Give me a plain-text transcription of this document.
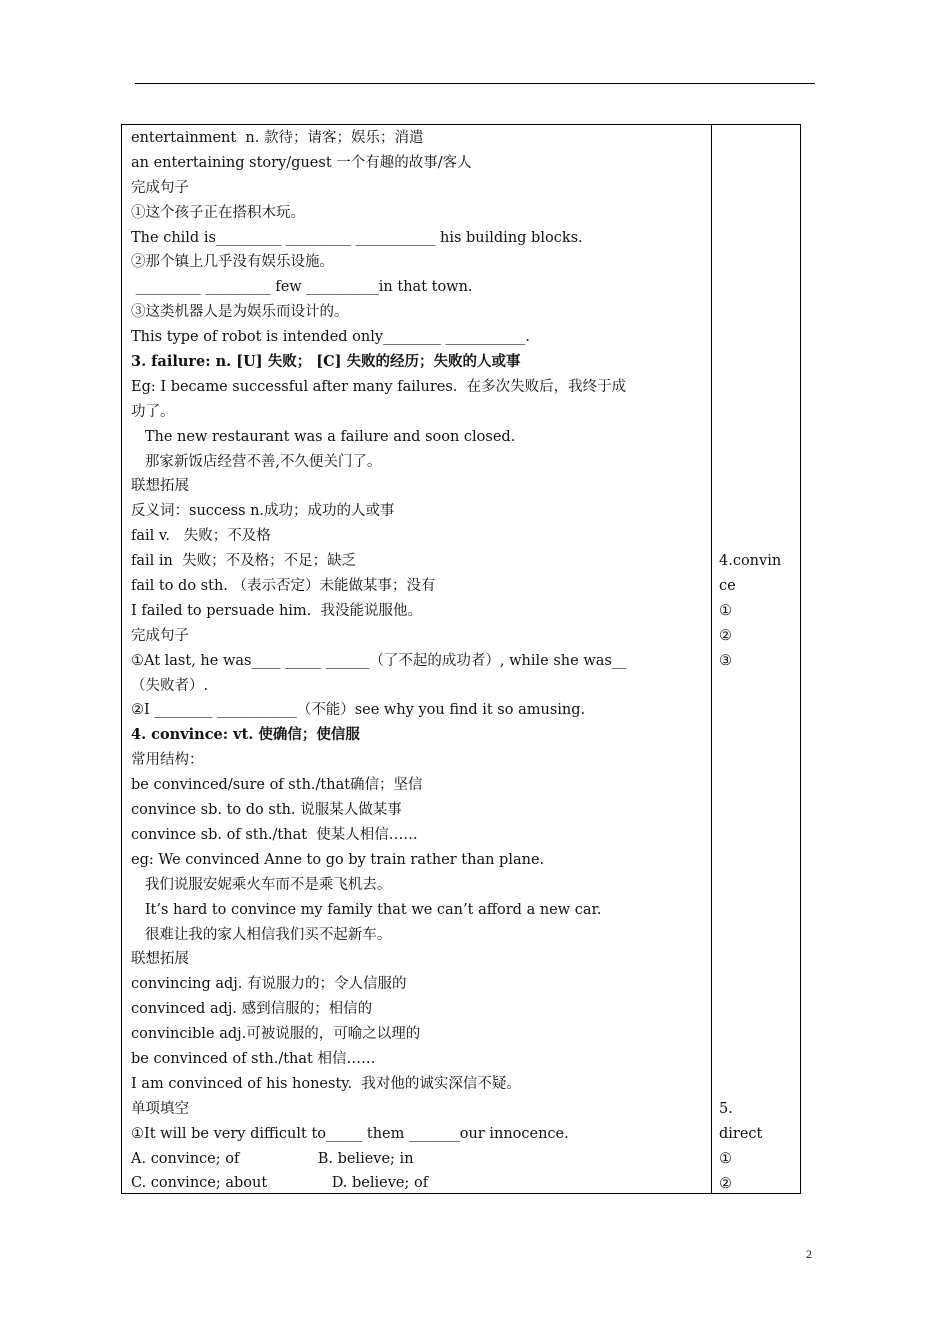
entertainment  n. 款待；请客；娱乐；消遣
an entertaining story/guest 一个有趣的故事/客人
完成句子
①这个孩子正在搭积木玩。
The child is_________ _________ ___________ his building blocks.
②那个镇上几乎没有娱乐设施。
_________ _________ few __________in that town.
③这类机器人是为娱乐而设计的。
This type of robot is intended only________ ___________.
3. failure: n. [U] 失败； [C] 失败的经历；失败的人或事
Eg: I became successful after many failures.  在多次失败后，我终于成
功了。
The new restaurant was a failure and soon closed.
那家新饭店经营不善,不久便关门了。
联想拓展
反义词：success n.成功；成功的人或事
fail v.   失败；不及格
fail in  失败；不及格；不足；缺乏
fail to do sth. （表示否定）未能做某事；没有
I failed to persuade him.  我没能说服他。
完成句子
①At last, he was____ _____ ______（了不起的成功者）, while she was__
（失败者）.
②I ________ ___________（不能）see why you find it so amusing.
4. convince: vt. 使确信；使信服
常用结构：
be convinced/sure of sth./that确信；坚信
convince sb. to do sth. 说服某人做某事
convince sb. of sth./that  使某人相信……
eg: We convinced Anne to go by train rather than plane.
我们说服安妮乘火车而不是乘飞机去。
It’s hard to convince my family that we can’t afford a new car.
很难让我的家人相信我们买不起新车。
联想拓展
convincing adj. 有说服力的；令人信服的
convinced adj. 感到信服的；相信的
convincible adj.可被说服的，可喻之以理的
be convinced of sth./that 相信……
I am convinced of his honesty.  我对他的诚实深信不疑。
单项填空
①It will be very difficult to_____ them _______our innocence.
A. convince; of                 B. believe; in
C. convince; about              D. believe; of
4.convin
ce
①
②
③
5.
direct
①
②
2
